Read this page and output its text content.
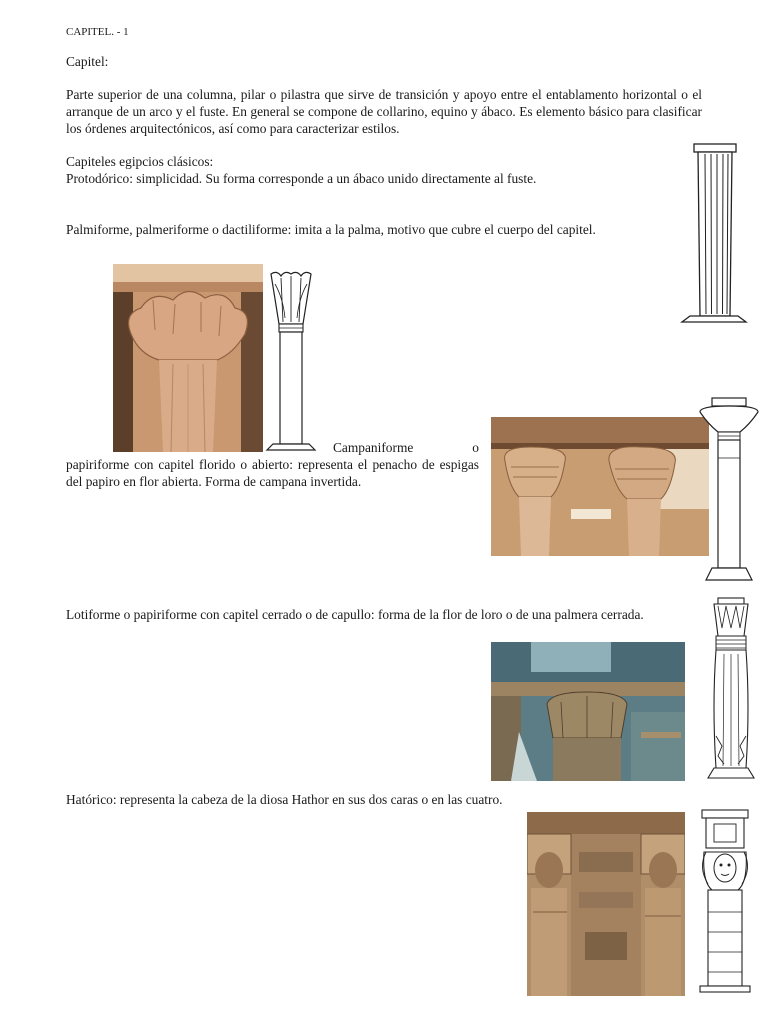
CAPITEL. - 1
Capitel:
Parte superior de una columna, pilar o pilastra que sirve de transición y apoyo entre el entablamento horizontal o el arranque de un arco y el fuste. En general se compone de collarino, equino y ábaco. Es elemento básico para clasificar los órdenes arquitectónicos, así como para caracterizar estilos.
Capiteles egipcios clásicos:
Protodórico: simplicidad. Su forma corresponde a un ábaco unido directamente al fuste.
Palmiforme, palmeriforme o dactiliforme: imita a la palma, motivo que cubre el cuerpo del capitel.
Campaniforme o
papiriforme con capitel florido o abierto: representa el penacho de espigas del papiro en flor abierta. Forma de campana invertida.
Lotiforme o papiriforme con capitel cerrado o de capullo: forma de la flor de loro o de una palmera cerrada.
Hatórico: representa la cabeza de la diosa Hathor en sus dos caras o en las cuatro.
